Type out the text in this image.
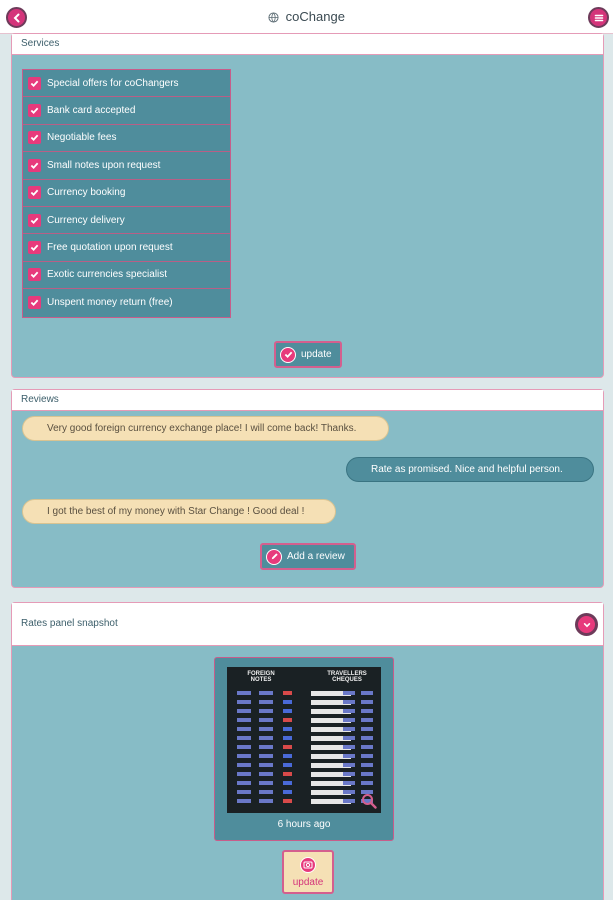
coChange
Services
Special offers for coChangers
Bank card accepted
Negotiable fees
Small notes upon request
Currency booking
Currency delivery
Free quotation upon request
Exotic currencies specialist
Unspent money return (free)
update
Reviews
Very good foreign currency exchange place! I will come back! Thanks.
Rate as promised. Nice and helpful person.
I got the best of my money with Star Change ! Good deal !
Add a review
Rates panel snapshot
FOREIGN NOTES
TRAVELLERS CHEQUES
6 hours ago
update
